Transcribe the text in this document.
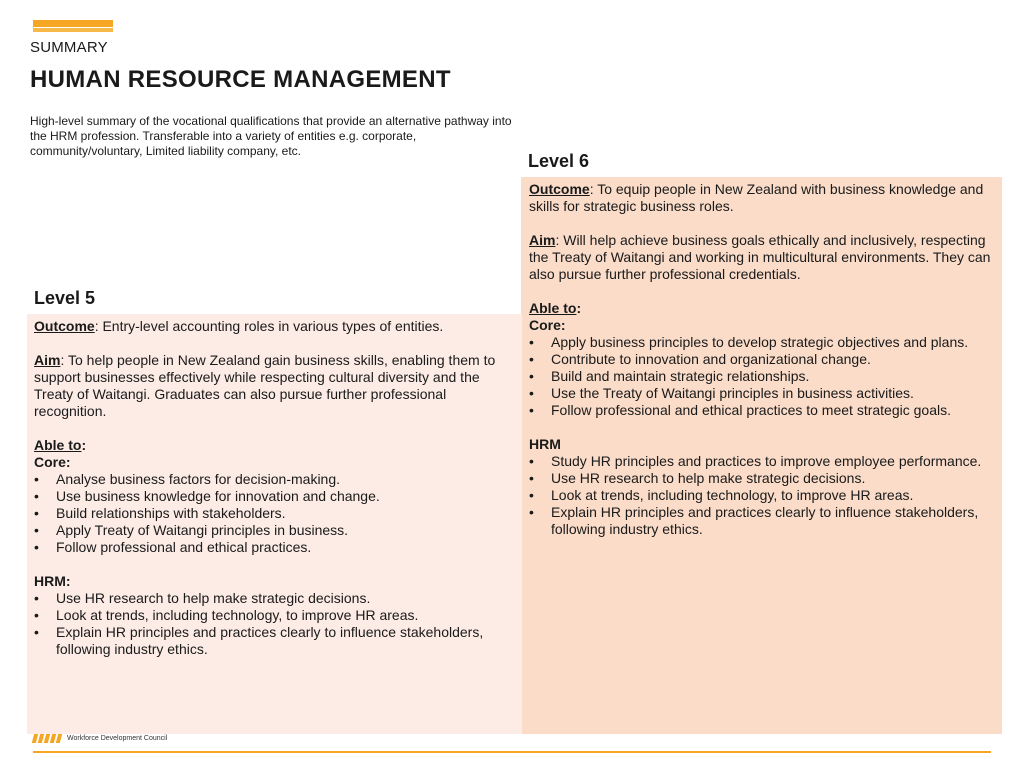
SUMMARY
HUMAN RESOURCE MANAGEMENT

High-level summary of the vocational qualifications that provide an alternative pathway into the HRM profession. Transferable into a variety of entities e.g. corporate, community/voluntary, Limited liability company, etc.	Level 6

Outcome: To equip people in New Zealand with business knowledge and skills for strategic business roles.

Aim: Will help achieve business goals ethically and inclusively, respecting the Treaty of Waitangi and working in multicultural environments. They can also pursue further professional credentials.

Able to:

Core:

• Apply business principles to develop strategic objectives and plans.
• Contribute to innovation and organizational change.
• Build and maintain strategic relationships.
• Use the Treaty of Waitangi principles in business activities.
• Follow professional and ethical practices to meet strategic goals.

HRM

• Study HR principles and practices to improve employee performance.
• Use HR research to help make strategic decisions.
• Look at trends, including technology, to improve HR areas.
• Explain HR principles and practices clearly to influence stakeholders, following industry ethics.
Level 5

Outcome: Entry-level accounting roles in various types of entities.

Aim: To help people in New Zealand gain business skills, enabling them to support businesses effectively while respecting cultural diversity and the Treaty of Waitangi. Graduates can also pursue further professional recognition.

Able to:

Core:

• Analyse business factors for decision-making.
• Use business knowledge for innovation and change.
• Build relationships with stakeholders.
• Apply Treaty of Waitangi principles in business.
• Follow professional and ethical practices.

HRM:

• Use HR research to help make strategic decisions.
• Look at trends, including technology, to improve HR areas.
• Explain HR principles and practices clearly to influence stakeholders, following industry ethics.
Workforce Development Council
